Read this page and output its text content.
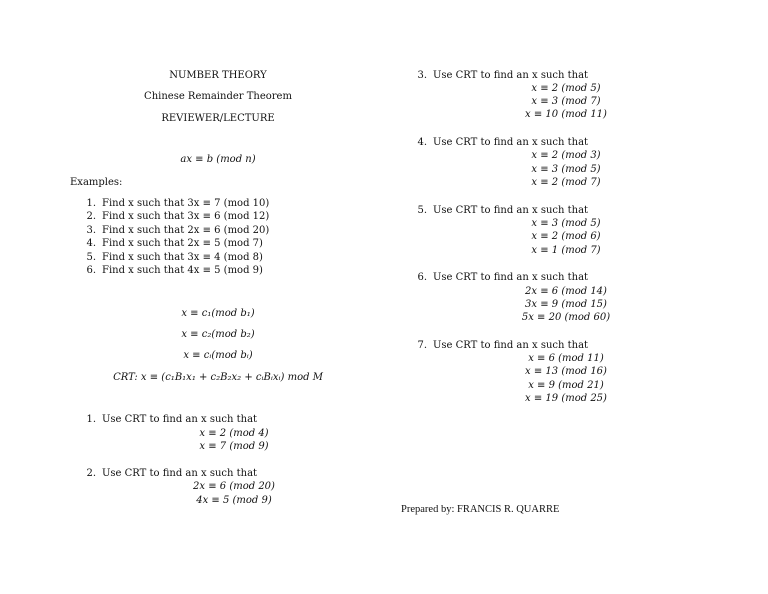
NUMBER THEORY
Chinese Remainder Theorem
REVIEWER/LECTURE
ax ≡ b (mod n)
Examples:
1. Find x such that 3x ≡ 7 (mod 10)
2. Find x such that 3x ≡ 6 (mod 12)
3. Find x such that 2x ≡ 6 (mod 20)
4. Find x such that 2x ≡ 5 (mod 7)
5. Find x such that 3x ≡ 4 (mod 8)
6. Find x such that 4x ≡ 5 (mod 9)
x ≡ c₁(mod b₁)
x ≡ c₂(mod b₂)
x ≡ cᵢ(mod bᵢ)
CRT: x ≡ (c₁B₁x₁ + c₂B₂x₂ + cᵢBᵢxᵢ) mod M
1. Use CRT to find an x such that
x ≡ 2 (mod 4)
x ≡ 7 (mod 9)
2. Use CRT to find an x such that
2x ≡ 6 (mod 20)
4x ≡ 5 (mod 9)
3. Use CRT to find an x such that
x ≡ 2 (mod 5)
x ≡ 3 (mod 7)
x ≡ 10 (mod 11)
4. Use CRT to find an x such that
x ≡ 2 (mod 3)
x ≡ 3 (mod 5)
x ≡ 2 (mod 7)
5. Use CRT to find an x such that
x ≡ 3 (mod 5)
x ≡ 2 (mod 6)
x ≡ 1 (mod 7)
6. Use CRT to find an x such that
2x ≡ 6 (mod 14)
3x ≡ 9 (mod 15)
5x ≡ 20 (mod 60)
7. Use CRT to find an x such that
x ≡ 6 (mod 11)
x ≡ 13 (mod 16)
x ≡ 9 (mod 21)
x ≡ 19 (mod 25)
Prepared by: FRANCIS R. QUARRE
